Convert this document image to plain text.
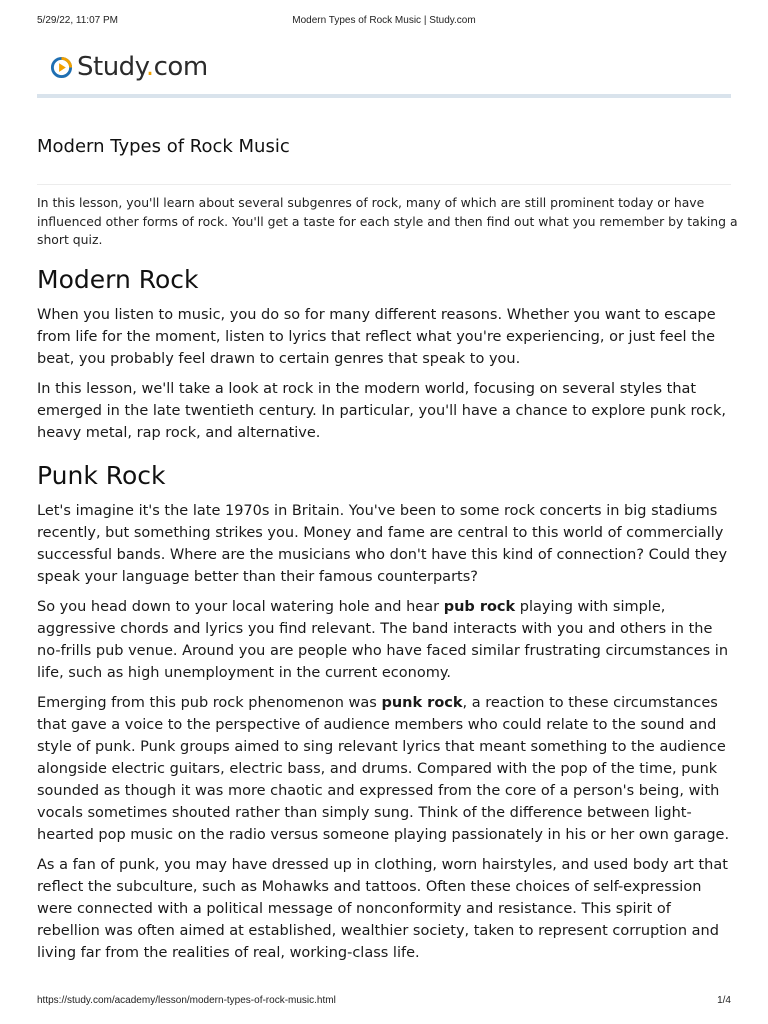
5/29/22, 11:07 PM	Modern Types of Rock Music | Study.com
Study.com
Modern Types of Rock Music

In this lesson, you'll learn about several subgenres of rock, many of which are still prominent today or have influenced other forms of rock. You'll get a taste for each style and then find out what you remember by taking a short quiz.

Modern Rock

When you listen to music, you do so for many different reasons. Whether you want to escape from life for the moment, listen to lyrics that reflect what you're experiencing, or just feel the beat, you probably feel drawn to certain genres that speak to you.

In this lesson, we'll take a look at rock in the modern world, focusing on several styles that emerged in the late twentieth century. In particular, you'll have a chance to explore punk rock, heavy metal, rap rock, and alternative.

Punk Rock

Let's imagine it's the late 1970s in Britain. You've been to some rock concerts in big stadiums recently, but something strikes you. Money and fame are central to this world of commercially successful bands. Where are the musicians who don't have this kind of connection? Could they speak your language better than their famous counterparts?

So you head down to your local watering hole and hear pub rock playing with simple, aggressive chords and lyrics you find relevant. The band interacts with you and others in the no-frills pub venue. Around you are people who have faced similar frustrating circumstances in life, such as high unemployment in the current economy.

Emerging from this pub rock phenomenon was punk rock, a reaction to these circumstances that gave a voice to the perspective of audience members who could relate to the sound and style of punk. Punk groups aimed to sing relevant lyrics that meant something to the audience alongside electric guitars, electric bass, and drums. Compared with the pop of the time, punk sounded as though it was more chaotic and expressed from the core of a person's being, with vocals sometimes shouted rather than simply sung. Think of the difference between light-hearted pop music on the radio versus someone playing passionately in his or her own garage.

As a fan of punk, you may have dressed up in clothing, worn hairstyles, and used body art that reflect the subculture, such as Mohawks and tattoos. Often these choices of self-expression were connected with a political message of nonconformity and resistance. This spirit of rebellion was often aimed at established, wealthier society, taken to represent corruption and living far from the realities of real, working-class life.

https://study.com/academy/lesson/modern-types-of-rock-music.html	1/4
